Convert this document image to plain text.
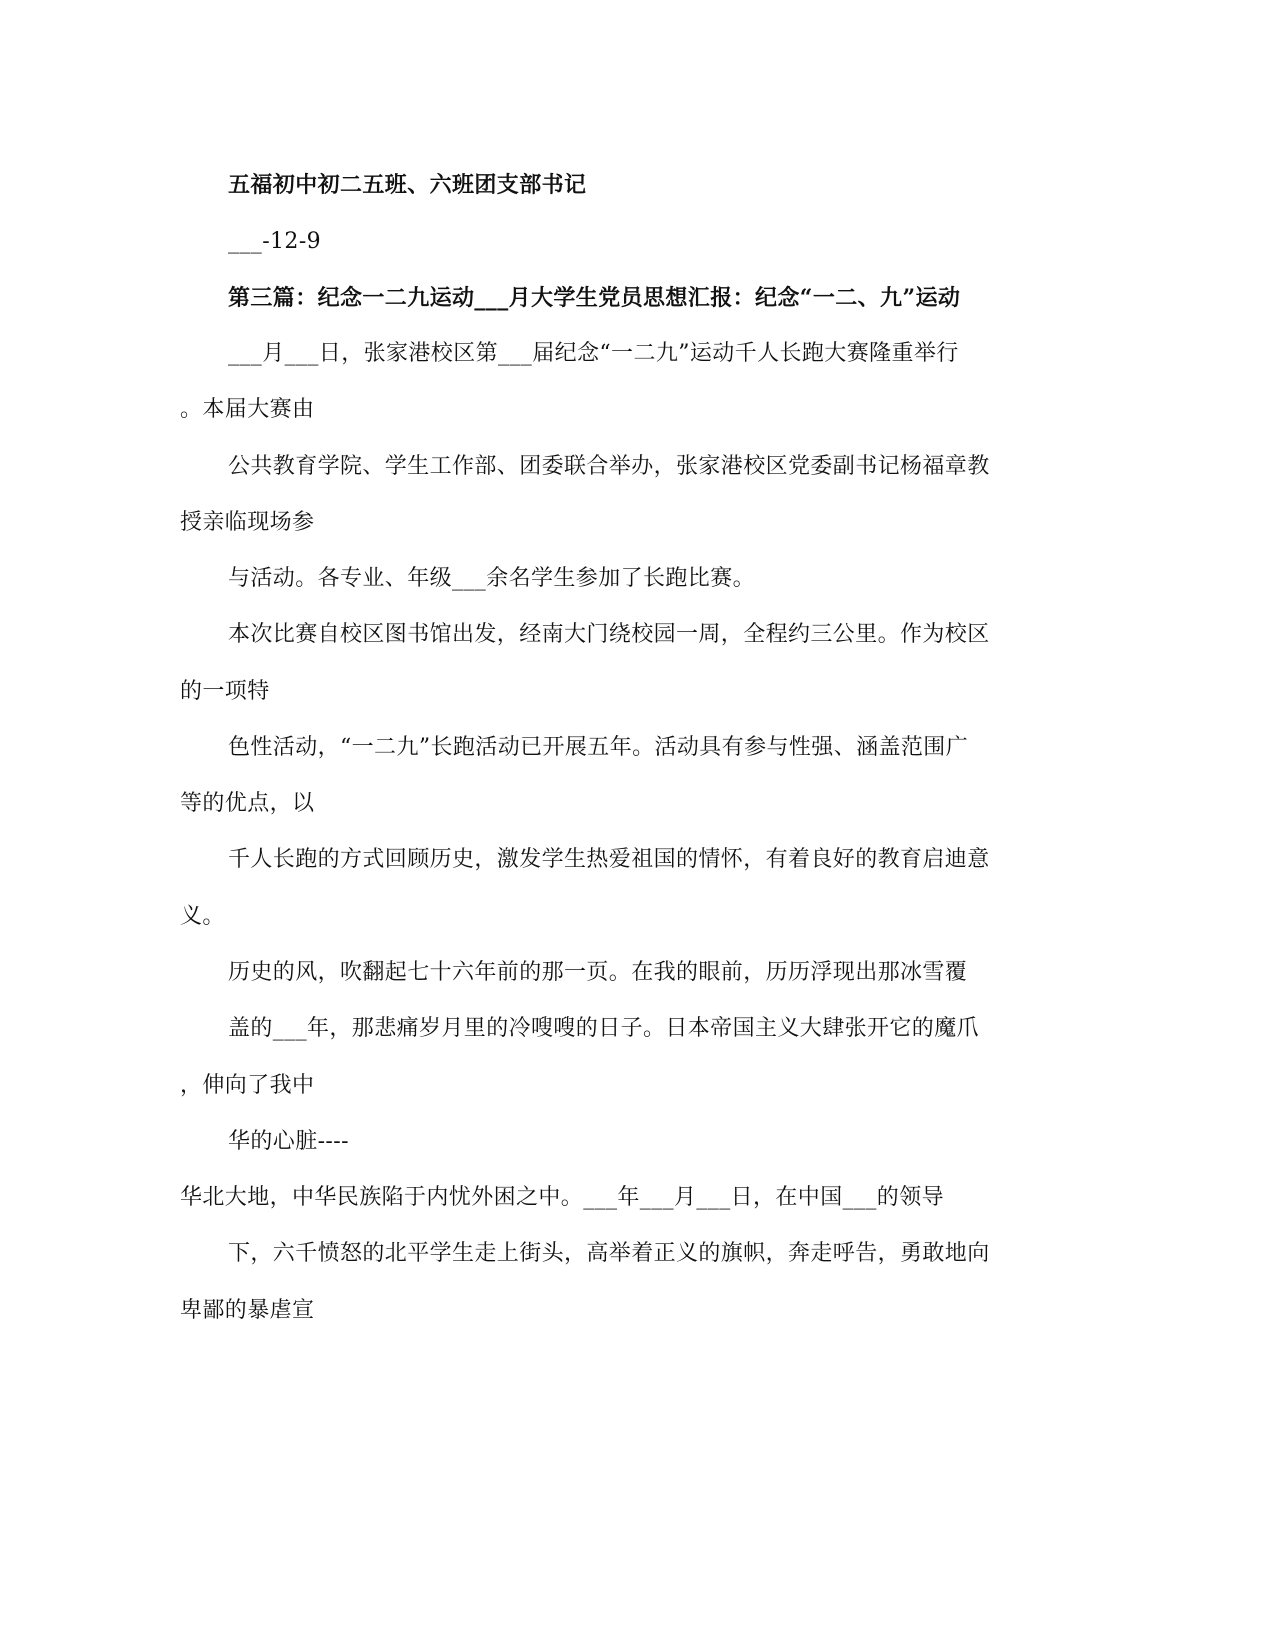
五福初中初二五班、六班团支部书记
___-12-9
第三篇：纪念一二九运动___月大学生党员思想汇报：纪念“一二、九”运动
___月___日，张家港校区第___届纪念“一二九”运动千人长跑大赛隆重举行
。本届大赛由
公共教育学院、学生工作部、团委联合举办，张家港校区党委副书记杨福章教
授亲临现场参
与活动。各专业、年级___余名学生参加了长跑比赛。
本次比赛自校区图书馆出发，经南大门绕校园一周，全程约三公里。作为校区
的一项特
色性活动，“一二九”长跑活动已开展五年。活动具有参与性强、涵盖范围广
等的优点，以
千人长跑的方式回顾历史，激发学生热爱祖国的情怀，有着良好的教育启迪意
义。
历史的风，吹翻起七十六年前的那一页。在我的眼前，历历浮现出那冰雪覆
盖的___年，那悲痛岁月里的冷嗖嗖的日子。日本帝国主义大肆张开它的魔爪
，伸向了我中
华的心脏----
华北大地，中华民族陷于内忧外困之中。___年___月___日，在中国___的领导
下，六千愤怒的北平学生走上街头，高举着正义的旗帜，奔走呼告，勇敢地向
卑鄙的暴虐宣
